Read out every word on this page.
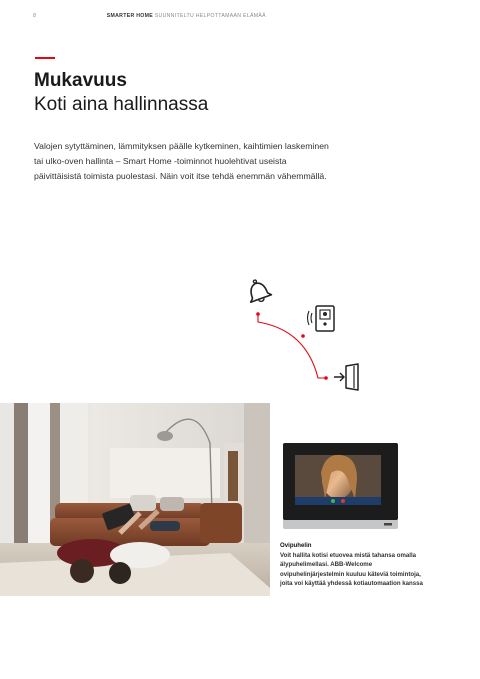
8	SMARTER HOME SUUNNITELTU HELPOTTAMAAN ELÄMÄÄ
Mukavuus
Koti aina hallinnassa
Valojen sytyttäminen, lämmityksen päälle kytkeminen, kaihtimien laskeminen
tai ulko-oven hallinta – Smart Home -toiminnot huolehtivat useista
päivittäisistä toimista puolestasi. Näin voit itse tehdä enemmän vähemmällä.
Ovipuhelin
Voit hallita kotisi etuovea mistä tahansa omalla
älypuhelimellasi. ABB-Welcome
ovipuhelinjärjestelmin kuuluu käteviä toimintoja,
joita voi käyttää yhdessä kotiautomaation kanssa
